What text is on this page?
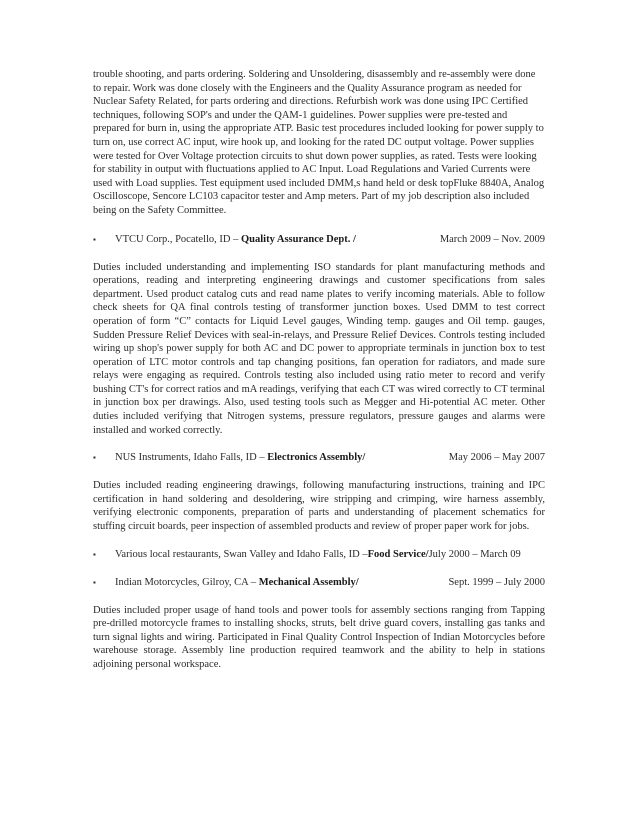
trouble shooting, and parts ordering. Soldering and Unsoldering, disassembly and re-assembly were done to repair. Work was done closely with the Engineers and the Quality Assurance program as needed for Nuclear Safety Related, for parts ordering and directions. Refurbish work was done using IPC Certified techniques, following SOP's and under the QAM-1 guidelines. Power supplies were pre-tested and prepared for burn in, using the appropriate ATP. Basic test procedures included looking for power supply to turn on, use correct AC input, wire hook up, and looking for the rated DC output voltage. Power supplies were tested for Over Voltage protection circuits to shut down power supplies, as rated. Tests were looking for stability in output with fluctuations applied to AC Input. Load Regulations and Varied Currents were used with Load supplies. Test equipment used included DMM,s hand held or desk topFluke 8840A, Analog Oscilloscope, Sencore LC103 capacitor tester and Amp meters. Part of my job description also included being on the Safety Committee.

▪ VTCU Corp., Pocatello, ID – Quality Assurance Dept. /	March 2009 – Nov. 2009

Duties included understanding and implementing ISO standards for plant manufacturing methods and operations, reading and interpreting engineering drawings and customer specifications from sales department. Used product catalog cuts and read name plates to verify incoming materials. Able to follow check sheets for QA final controls testing of transformer junction boxes. Used DMM to test correct operation of form “C” contacts for Liquid Level gauges, Winding temp. gauges and Oil temp. gauges, Sudden Pressure Relief Devices with seal-in-relays, and Pressure Relief Devices. Controls testing included wiring up shop's power supply for both AC and DC power to appropriate terminals in junction box to test operation of LTC motor controls and tap changing positions, fan operation for radiators, and made sure relays were engaging as required. Controls testing also included using ratio meter to record and verify bushing CT's for correct ratios and mA readings, verifying that each CT was wired correctly to CT terminal in junction box per drawings. Also, used testing tools such as Megger and Hi-potential AC meter. Other duties included verifying that Nitrogen systems, pressure regulators, pressure gauges and alarms were installed and worked correctly.

▪ NUS Instruments, Idaho Falls, ID – Electronics Assembly/	May 2006 – May 2007

Duties included reading engineering drawings, following manufacturing instructions, training and IPC certification in hand soldering and desoldering, wire stripping and crimping, wire harness assembly, verifying electronic components, preparation of parts and understanding of placement schematics for stuffing circuit boards, peer inspection of assembled products and review of proper paper work for jobs.

▪ Various local restaurants, Swan Valley and Idaho Falls, ID –Food Service/July 2000 – March 09
▪ Indian Motorcycles, Gilroy, CA – Mechanical Assembly/	Sept. 1999 – July 2000

Duties included proper usage of hand tools and power tools for assembly sections ranging from Tapping pre-drilled motorcycle frames to installing shocks, struts, belt drive guard covers, installing gas tanks and turn signal lights and wiring. Participated in Final Quality Control Inspection of Indian Motorcycles before warehouse storage. Assembly line production required teamwork and the ability to help in stations adjoining personal workspace.
